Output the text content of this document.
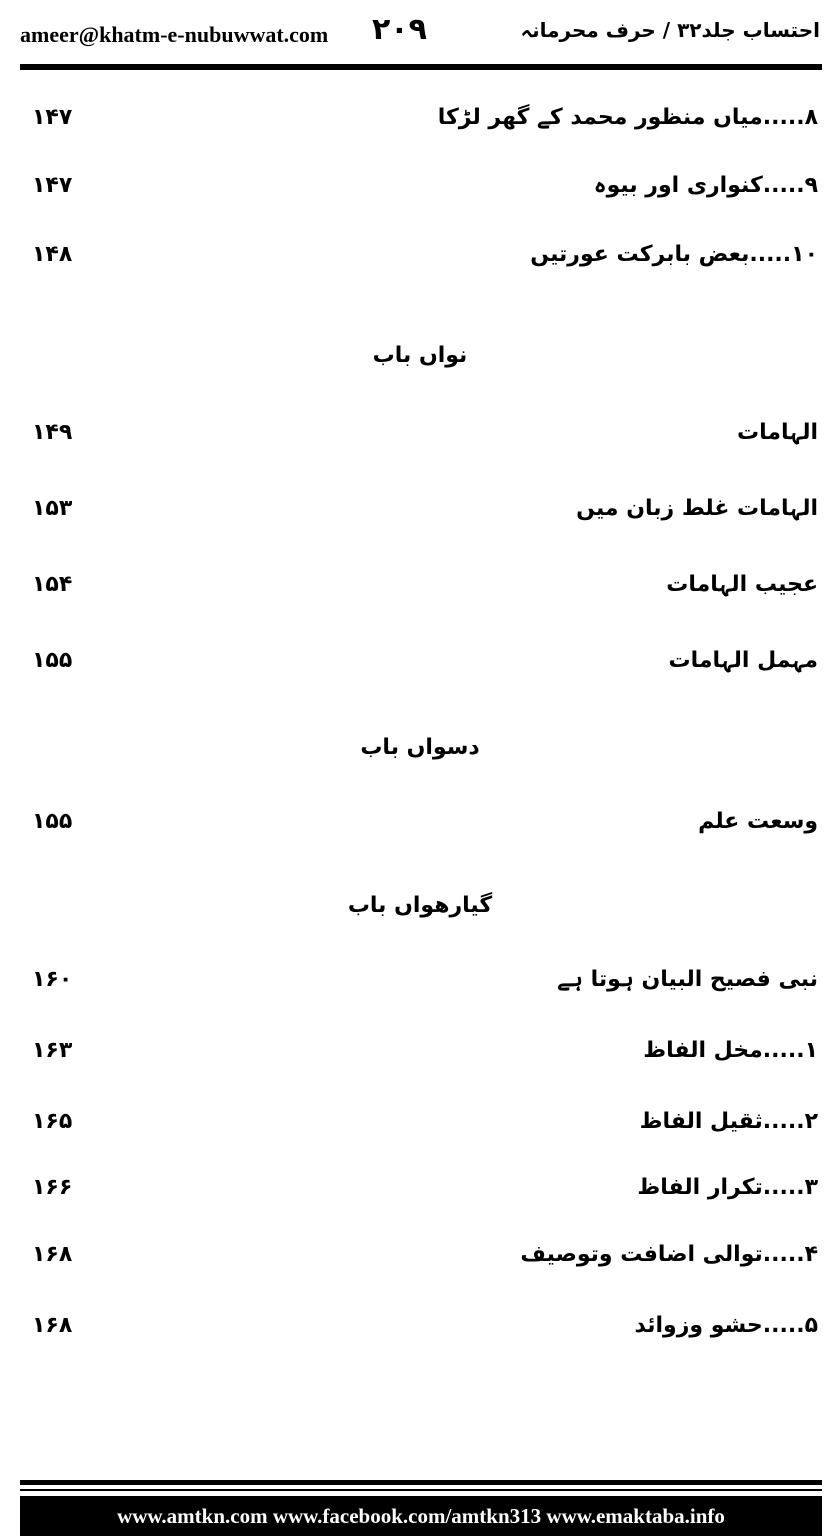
ameer@khatm-e-nubuwwat.com ۲۰۹	احتساب جلد۳۲ / حرف محرمانہ
۸.....میاں منظور محمد کے گھر لڑکا
۱۴۷
۹.....کنواری اور بیوہ
۱۴۷
۱۰.....بعض بابرکت عورتیں
۱۴۸
نواں باب
الہامات
۱۴۹
الہامات غلط زبان میں
۱۵۳
عجیب الہامات
۱۵۴
مہمل الہامات
۱۵۵
دسواں باب
وسعت علم
۱۵۵
گیارھواں باب
نبی فصیح البیان ہوتا ہے
۱۶۰
۱.....مخل الفاظ
۱۶۳
۲.....ثقیل الفاظ
۱۶۵
۳.....تکرار الفاظ
۱۶۶
۴.....توالی اضافت وتوصیف
۱۶۸
۵.....حشو وزوائد
۱۶۸
www.amtkn.com www.facebook.com/amtkn313 www.emaktaba.info
